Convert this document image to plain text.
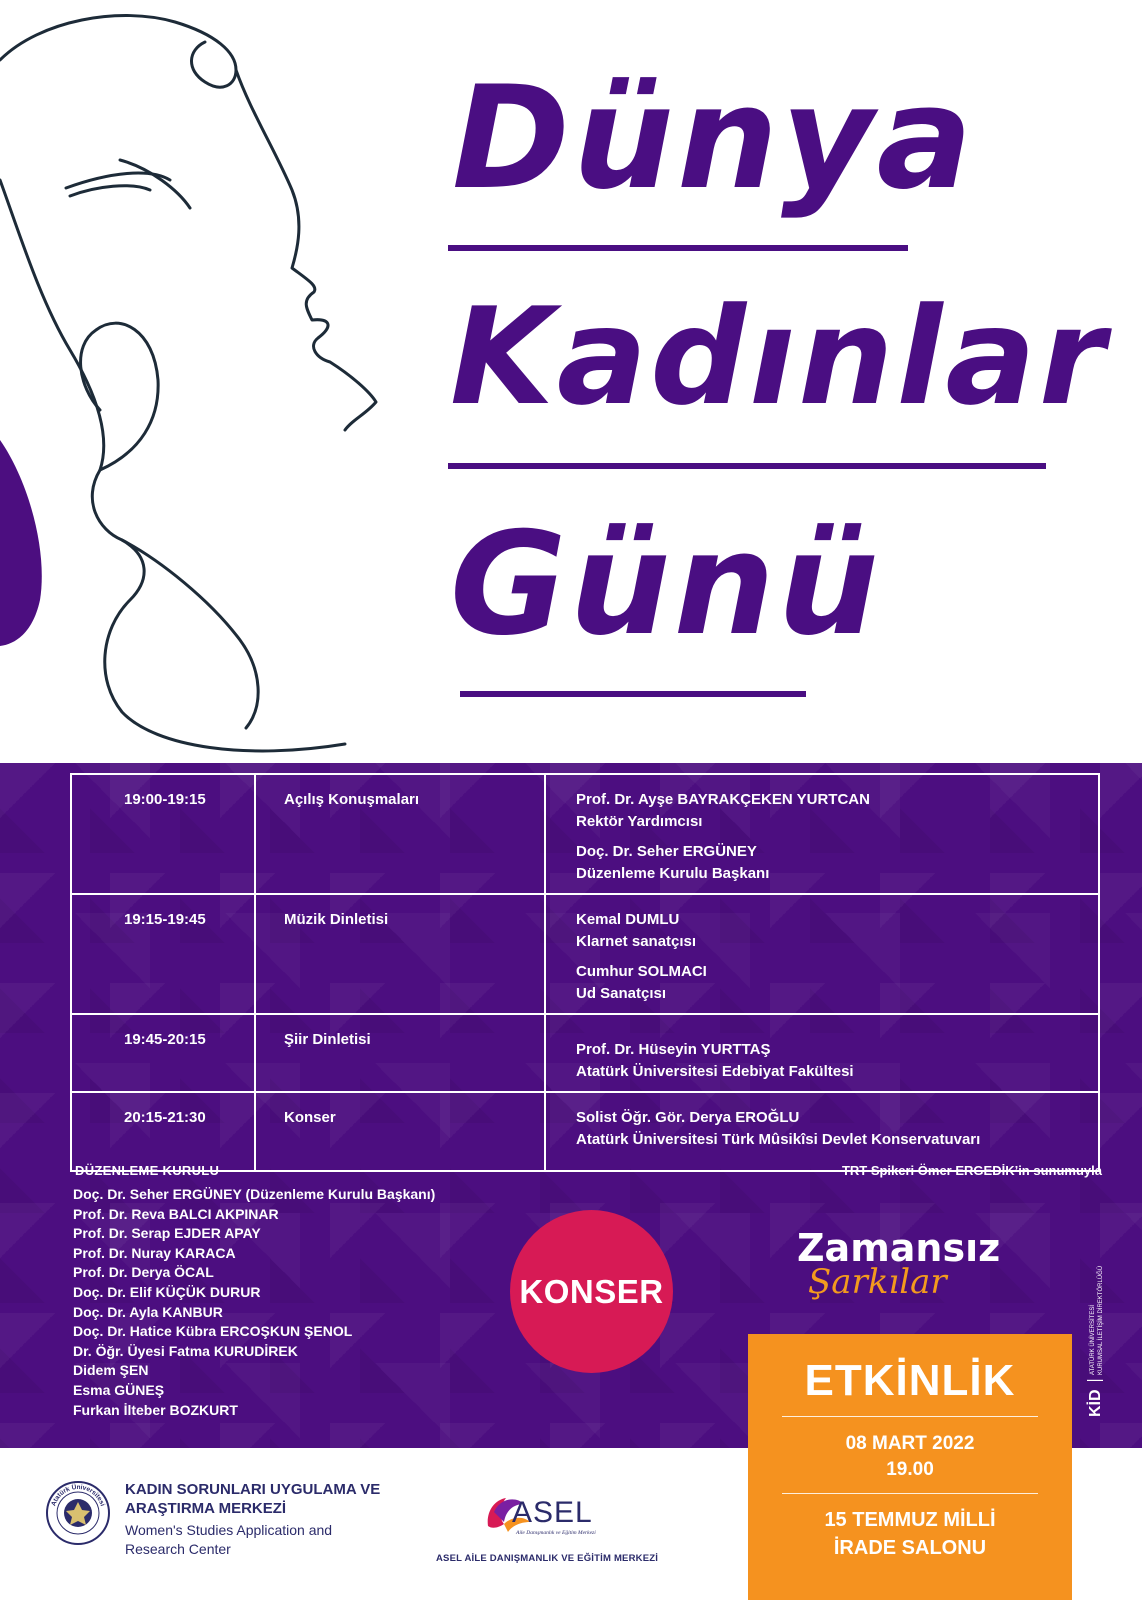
Dünya
Kadınlar
Günü
19:00-19:15	Açılış Konuşmaları	Prof. Dr. Ayşe BAYRAKÇEKEN YURTCAN
Rektör Yardımcısı
Doç. Dr. Seher ERGÜNEY
Düzenleme Kurulu Başkanı

19:15-19:45	Müzik Dinletisi	Kemal DUMLU
Klarnet sanatçısı
Cumhur SOLMACI
Ud Sanatçısı

19:45-20:15	Şiir Dinletisi	Prof. Dr. Hüseyin YURTTAŞ
Atatürk Üniversitesi Edebiyat Fakültesi

20:15-21:30	Konser	Solist Öğr. Gör. Derya EROĞLU
Atatürk Üniversitesi Türk Mûsikîsi Devlet Konservatuvarı
DÜZENLEME KURULU
Doç. Dr. Seher ERGÜNEY (Düzenleme Kurulu Başkanı)
Prof. Dr. Reva BALCI AKPINAR
Prof. Dr. Serap EJDER APAY
Prof. Dr. Nuray KARACA
Prof. Dr. Derya ÖCAL
Doç. Dr. Elif KÜÇÜK DURUR
Doç. Dr. Ayla KANBUR
Doç. Dr. Hatice Kübra ERCOŞKUN ŞENOL
Dr. Öğr. Üyesi Fatma KURUDİREK
Didem ŞEN
Esma GÜNEŞ
Furkan İlteber BOZKURT
TRT Spikeri Ömer ERGEDİK’in sunumuyla
KONSER
Zamansız
Şarkılar
KİD
ATATÜRK ÜNİVERSİTESİ KURUMSAL İLETİŞİM DİREKTÖRLÜĞÜ
ETKİNLİK
08 MART 2022
19.00
15 TEMMUZ MİLLİ
İRADE SALONU
Atatürk Üniversitesi
KADIN SORUNLARI UYGULAMA VE
ARAŞTIRMA MERKEZİ
Women's Studies Application and
Research Center
ASEL
Aile Danışmanlık ve Eğitim Merkezi
ASEL AİLE DANIŞMANLIK VE EĞİTİM MERKEZİ
